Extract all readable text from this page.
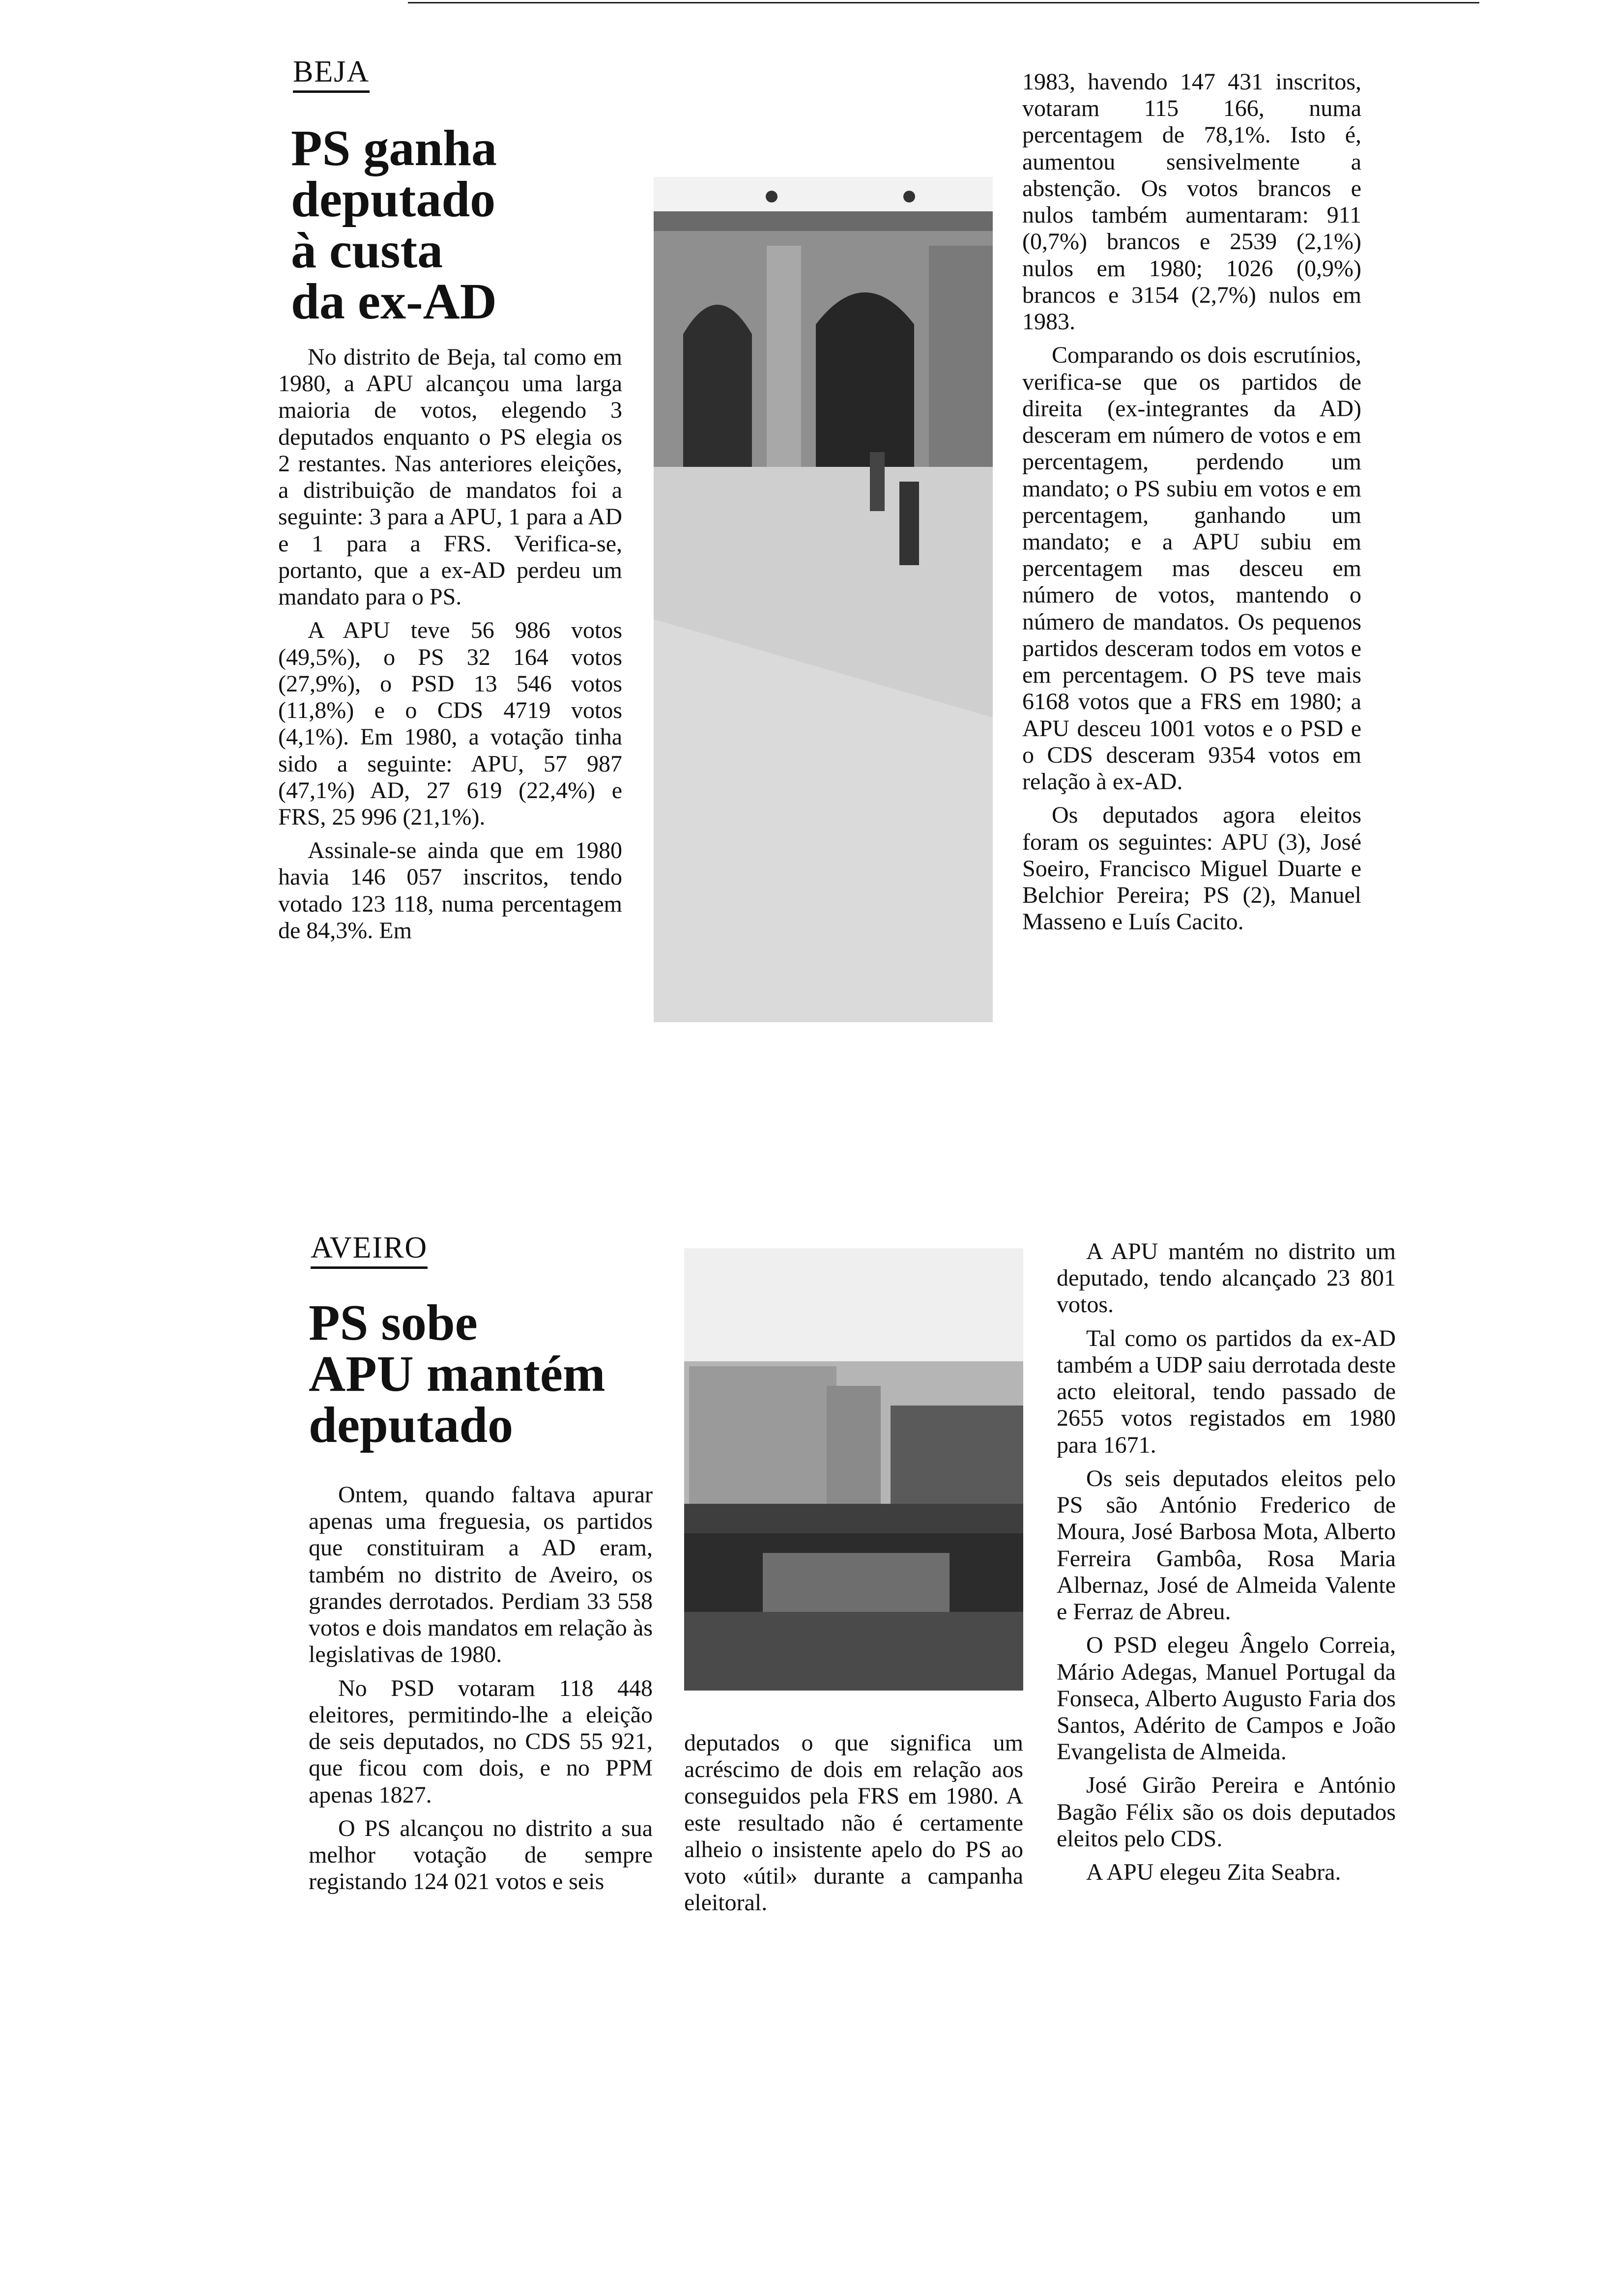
BEJA
PS ganha
deputado
à custa
da ex-AD

No distrito de Beja, tal como em 1980, a APU alcançou uma larga maioria de votos, elegendo 3 deputados enquanto o PS elegia os 2 restantes. Nas anteriores eleições, a distribuição de mandatos foi a seguinte: 3 para a APU, 1 para a AD e 1 para a FRS. Verifica-se, portanto, que a ex-AD perdeu um mandato para o PS.

A APU teve 56 986 votos (49,5%), o PS 32 164 votos (27,9%), o PSD 13 546 votos (11,8%) e o CDS 4719 votos (4,1%). Em 1980, a votação tinha sido a seguinte: APU, 57 987 (47,1%) AD, 27 619 (22,4%) e FRS, 25 996 (21,1%).

Assinale-se ainda que em 1980 havia 146 057 inscritos, tendo votado 123 118, numa percentagem de 84,3%. Em

1983, havendo 147 431 inscritos, votaram 115 166, numa percentagem de 78,1%. Isto é, aumentou sensivelmente a abstenção. Os votos brancos e nulos também aumentaram: 911 (0,7%) brancos e 2539 (2,1%) nulos em 1980; 1026 (0,9%) brancos e 3154 (2,7%) nulos em 1983.

Comparando os dois escrutínios, verifica-se que os partidos de direita (ex-integrantes da AD) desceram em número de votos e em percentagem, perdendo um mandato; o PS subiu em votos e em percentagem, ganhando um mandato; e a APU subiu em percentagem mas desceu em número de votos, mantendo o número de mandatos. Os pequenos partidos desceram todos em votos e em percentagem. O PS teve mais 6168 votos que a FRS em 1980; a APU desceu 1001 votos e o PSD e o CDS desceram 9354 votos em relação à ex-AD.

Os deputados agora eleitos foram os seguintes: APU (3), José Soeiro, Francisco Miguel Duarte e Belchior Pereira; PS (2), Manuel Masseno e Luís Cacito.

AVEIRO
PS sobe
APU mantém
deputado

Ontem, quando faltava apurar apenas uma freguesia, os partidos que constituiram a AD eram, também no distrito de Aveiro, os grandes derrotados. Perdiam 33 558 votos e dois mandatos em relação às legislativas de 1980.

No PSD votaram 118 448 eleitores, permitindo-lhe a eleição de seis deputados, no CDS 55 921, que ficou com dois, e no PPM apenas 1827.

O PS alcançou no distrito a sua melhor votação de sempre registando 124 021 votos e seis

deputados o que significa um acréscimo de dois em relação aos conseguidos pela FRS em 1980. A este resultado não é certamente alheio o insistente apelo do PS ao voto «útil» durante a campanha eleitoral.

A APU mantém no distrito um deputado, tendo alcançado 23 801 votos.

Tal como os partidos da ex-AD também a UDP saiu derrotada deste acto eleitoral, tendo passado de 2655 votos registados em 1980 para 1671.

Os seis deputados eleitos pelo PS são António Frederico de Moura, José Barbosa Mota, Alberto Ferreira Gambôa, Rosa Maria Albernaz, José de Almeida Valente e Ferraz de Abreu.

O PSD elegeu Ângelo Correia, Mário Adegas, Manuel Portugal da Fonseca, Alberto Augusto Faria dos Santos, Adérito de Campos e João Evangelista de Almeida.

José Girão Pereira e António Bagão Félix são os dois deputados eleitos pelo CDS.

A APU elegeu Zita Seabra.
